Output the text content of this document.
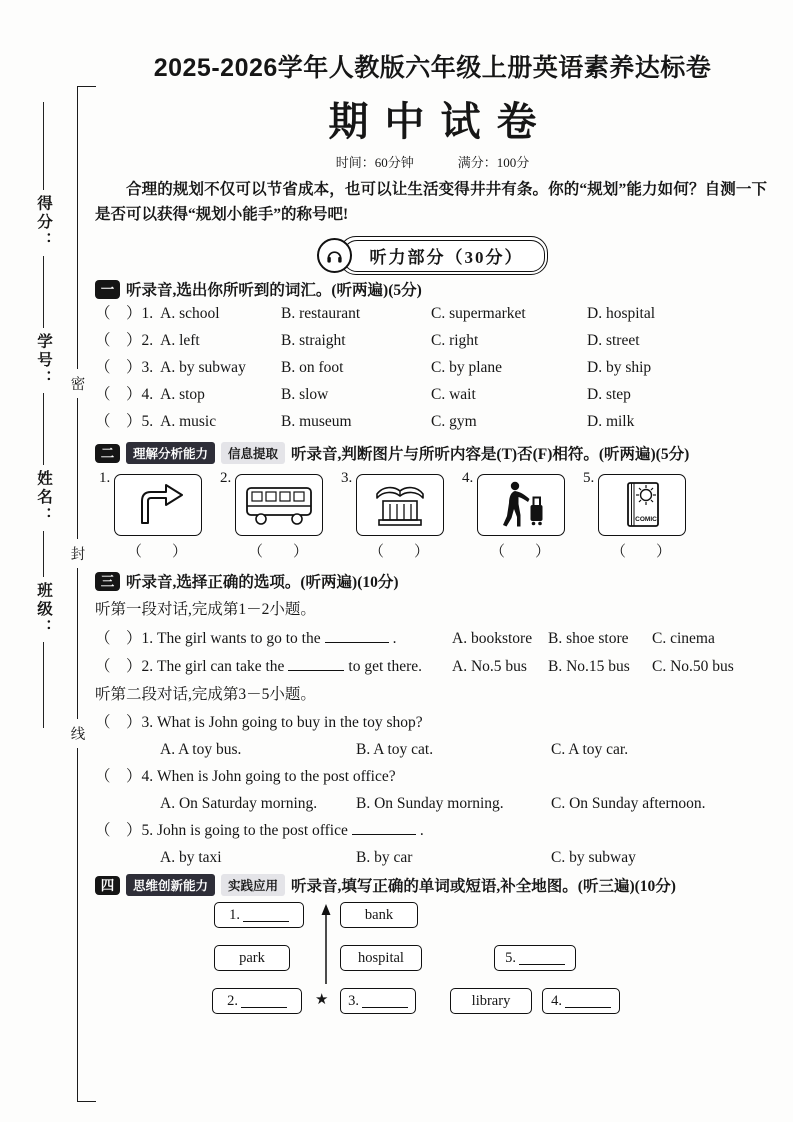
得分：
学号：
姓名：
班级：
密
封
线
2025-2026学年人教版六年级上册英语素养达标卷
期中试卷
时间：60分钟	满分：100分
合理的规划不仅可以节省成本，也可以让生活变得井井有条。你的“规划”能力如何？自测一下是否可以获得“规划小能手”的称号吧!
听力部分（30分）
一 听录音,选出你所听到的词汇。(听两遍)(5分)
（　）1. A. school	B. restaurant	C. supermarket	D. hospital
（　）2. A. left	B. straight	C. right	D. street
（　）3. A. by subway	B. on foot	C. by plane	D. by ship
（　）4. A. stop	B. slow	C. wait	D. step
（　）5. A. music	B. museum	C. gym	D. milk
二	理解分析能力	信息提取 听录音,判断图片与所听内容是(T)否(F)相符。(听两遍)(5分)
1.
（　　）
2.
（　　）
3.
（　　）
4.
（　　）
5.
COMIC
（　　）
三 听录音,选择正确的选项。(听两遍)(10分)
听第一段对话,完成第1－2小题。
（　）1. The girl wants to go to the	.	A. bookstore	B. shoe store	C. cinema
（　）2. The girl can take the	to get there.	A. No.5 bus	B. No.15 bus	C. No.50 bus
听第二段对话,完成第3－5小题。
（　）3. What is John going to buy in the toy shop?
A. A toy bus.	B. A toy cat.	C. A toy car.
（　）4. When is John going to the post office?
A. On Saturday morning.	B. On Sunday morning.	C. On Sunday afternoon.
（　）5. John is going to the post office	.
A. by taxi	B. by car	C. by subway
四	思维创新能力	实践应用 听录音,填写正确的单词或短语,补全地图。(听三遍)(10分)
1.	bank
park	hospital	5.
2.	★ 3.	library	4.
